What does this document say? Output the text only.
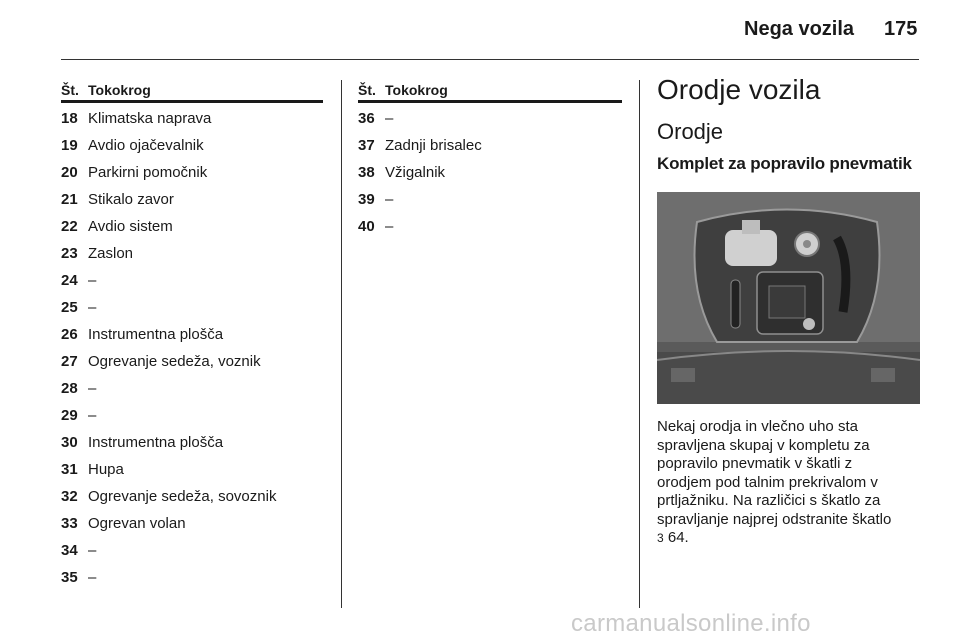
Nega vozila 175
Št. Tokokrog
18 Klimatska naprava
19 Avdio ojačevalnik
20 Parkirni pomočnik
21 Stikalo zavor
22 Avdio sistem
23 Zaslon
24 –
25 –
26 Instrumentna plošča
27 Ogrevanje sedeža, voznik
28 –
29 –
30 Instrumentna plošča
31 Hupa
32 Ogrevanje sedeža, sovoznik
33 Ogrevan volan
34 –
35 –
Št. Tokokrog
36 –
37 Zadnji brisalec
38 Vžigalnik
39 –
40 –
Orodje vozila
Orodje
Komplet za popravilo pnevmatik
Nekaj orodja in vlečno uho sta
spravljena skupaj v kompletu za
popravilo pnevmatik v škatli z
orodjem pod talnim prekrivalom v
prtljažniku. Na različici s škatlo za
spravljanje najprej odstranite škatlo
3 64.
carmanualsonline.info
